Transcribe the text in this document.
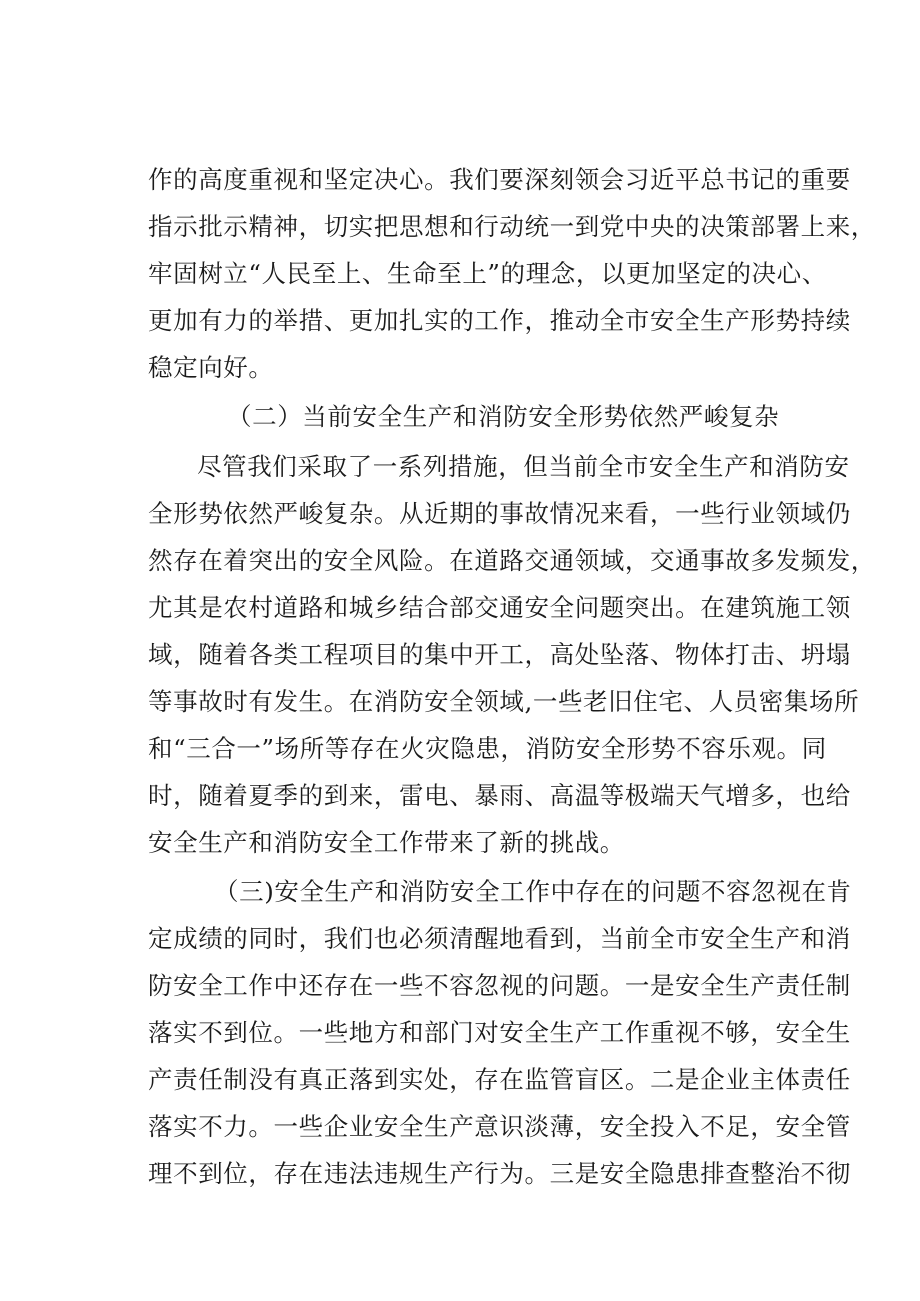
作的高度重视和坚定决心。我们要深刻领会习近平总书记的重要
指示批示精神，切实把思想和行动统一到党中央的决策部署上来，
牢固树立“人民至上、生命至上”的理念，以更加坚定的决心、
更加有力的举措、更加扎实的工作，推动全市安全生产形势持续
稳定向好。
（二）当前安全生产和消防安全形势依然严峻复杂
尽管我们采取了一系列措施，但当前全市安全生产和消防安
全形势依然严峻复杂。从近期的事故情况来看，一些行业领域仍
然存在着突出的安全风险。在道路交通领域，交通事故多发频发，
尤其是农村道路和城乡结合部交通安全问题突出。在建筑施工领
域，随着各类工程项目的集中开工，高处坠落、物体打击、坍塌
等事故时有发生。在消防安全领域,一些老旧住宅、人员密集场所
和“三合一”场所等存在火灾隐患，消防安全形势不容乐观。同
时，随着夏季的到来，雷电、暴雨、高温等极端天气增多，也给
安全生产和消防安全工作带来了新的挑战。
（三)安全生产和消防安全工作中存在的问题不容忽视在肯
定成绩的同时，我们也必须清醒地看到，当前全市安全生产和消
防安全工作中还存在一些不容忽视的问题。一是安全生产责任制
落实不到位。一些地方和部门对安全生产工作重视不够，安全生
产责任制没有真正落到实处，存在监管盲区。二是企业主体责任
落实不力。一些企业安全生产意识淡薄，安全投入不足，安全管
理不到位，存在违法违规生产行为。三是安全隐患排查整治不彻
